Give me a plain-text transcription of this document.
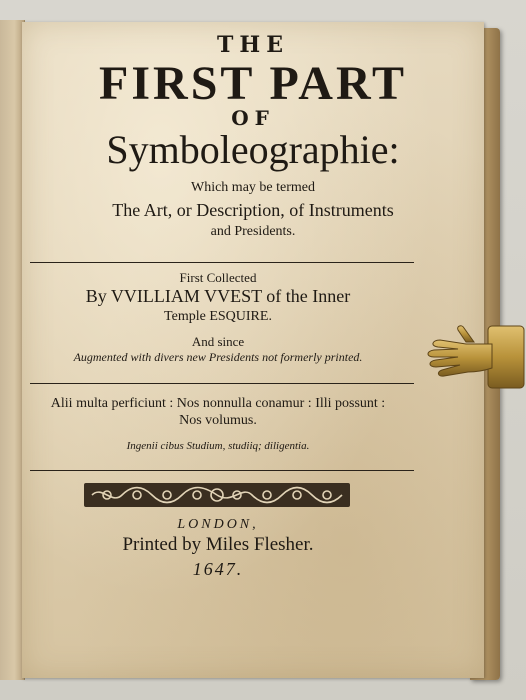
THE
FIRST PART
OF
Symboleographie:
Which may be termed
The Art, or Description, of Instruments
and Presidents.
First Collected
By VVILLIAM VVEST of the Inner
Temple ESQUIRE.
And since
Augmented with divers new Presidents not formerly printed.
Alii multa perficiunt : Nos nonnulla conamur : Illi possunt :
Nos volumus.
Ingenii cibus Studium, studiiq; diligentia.
LONDON,
Printed by Miles Flesher.
1647.
